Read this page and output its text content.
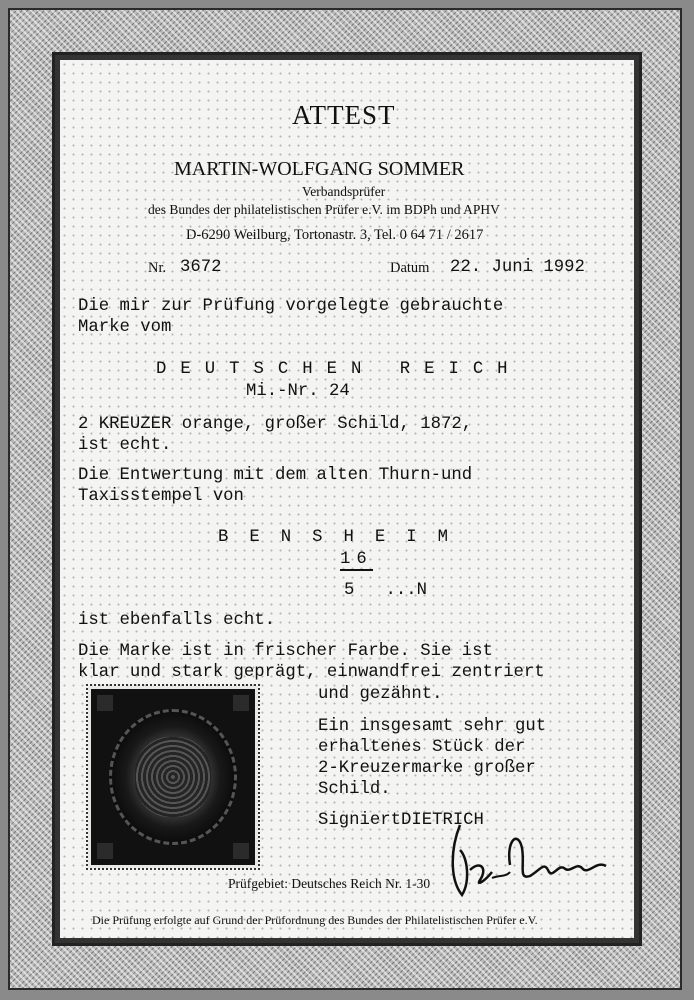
ATTEST
MARTIN-WOLFGANG SOMMER
Verbandsprüfer
des Bundes der philatelistischen Prüfer e.V. im BDPh und APHV
D-6290 Weilburg, Tortonastr. 3, Tel. 0 64 71 / 2617
Nr. 3672	Datum 22. Juni 1992
Die mir zur Prüfung vorgelegte gebrauchte
Marke vom
DEUTSCHEN REICH
Mi.-Nr. 24
2 KREUZER orange, großer Schild, 1872,
ist echt.
Die Entwertung mit dem alten Thurn-und
Taxisstempel von
BENSHEIM
16
5   ...N
ist ebenfalls echt.
Die Marke ist in frischer Farbe. Sie ist
klar und stark geprägt, einwandfrei zentriert
und gezähnt.
Ein insgesamt sehr gut
erhaltenes Stück der
2-Kreuzermarke großer
Schild.
SigniertDIETRICH
Prüfgebiet: Deutsches Reich Nr. 1-30
Die Prüfung erfolgte auf Grund der Prüfordnung des Bundes der Philatelistischen Prüfer e.V.
